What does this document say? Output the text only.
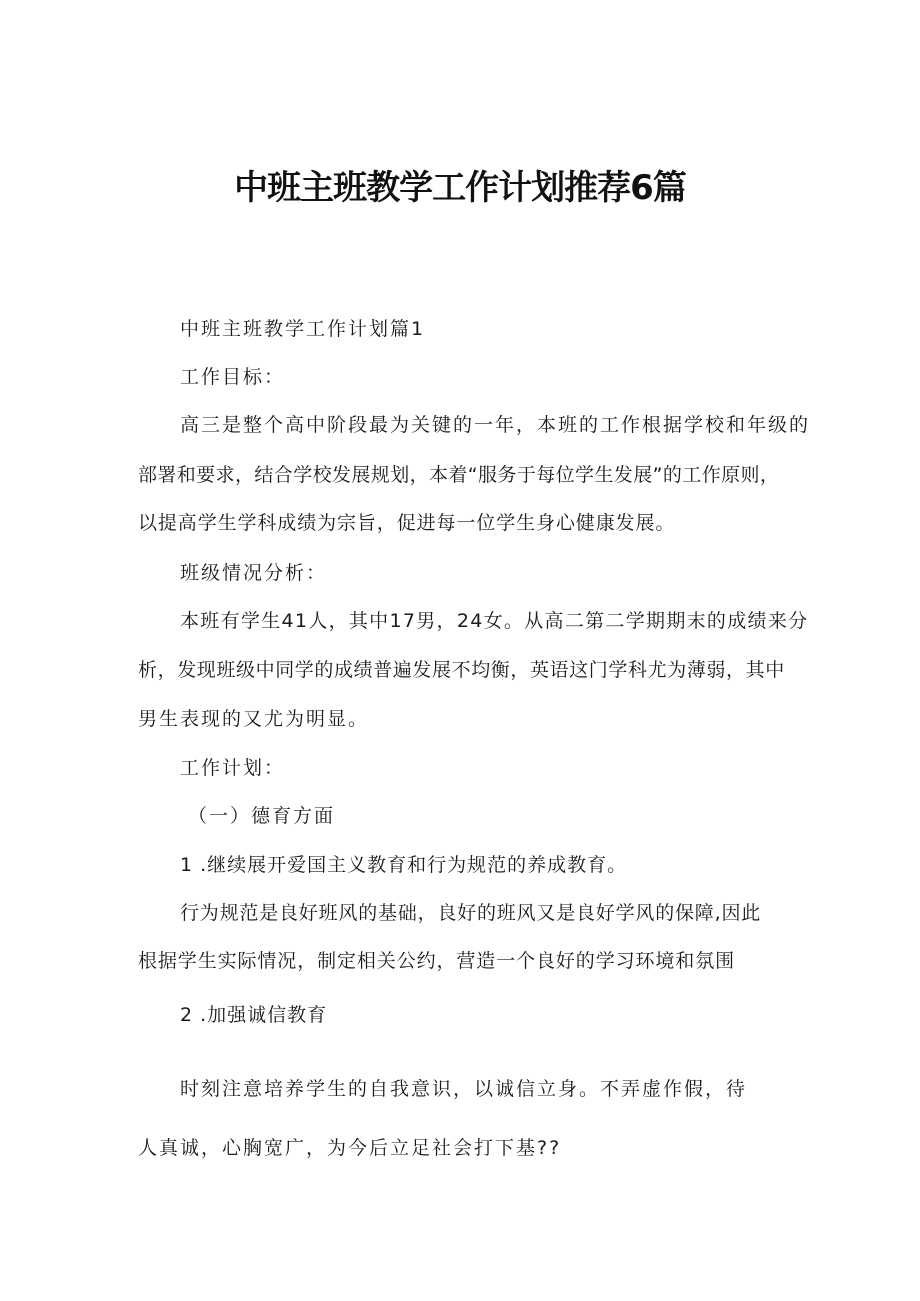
中班主班教学工作计划推荐6篇
中班主班教学工作计划篇1
工作目标：
高三是整个高中阶段最为关键的一年，本班的工作根据学校和年级的
部署和要求，结合学校发展规划，本着“服务于每位学生发展”的工作原则，
以提高学生学科成绩为宗旨，促进每一位学生身心健康发展。
班级情况分析：
本班有学生41人，其中17男，24女。从高二第二学期期末的成绩来分
析，发现班级中同学的成绩普遍发展不均衡，英语这门学科尤为薄弱，其中
男生表现的又尤为明显。
工作计划：
（一）德育方面
1 .继续展开爱国主义教育和行为规范的养成教育。
行为规范是良好班风的基础，良好的班风又是良好学风的保障,因此
根据学生实际情况，制定相关公约，营造一个良好的学习环境和氛围
2 .加强诚信教育
时刻注意培养学生的自我意识，以诚信立身。不弄虚作假，待
人真诚，心胸宽广，为今后立足社会打下基??
